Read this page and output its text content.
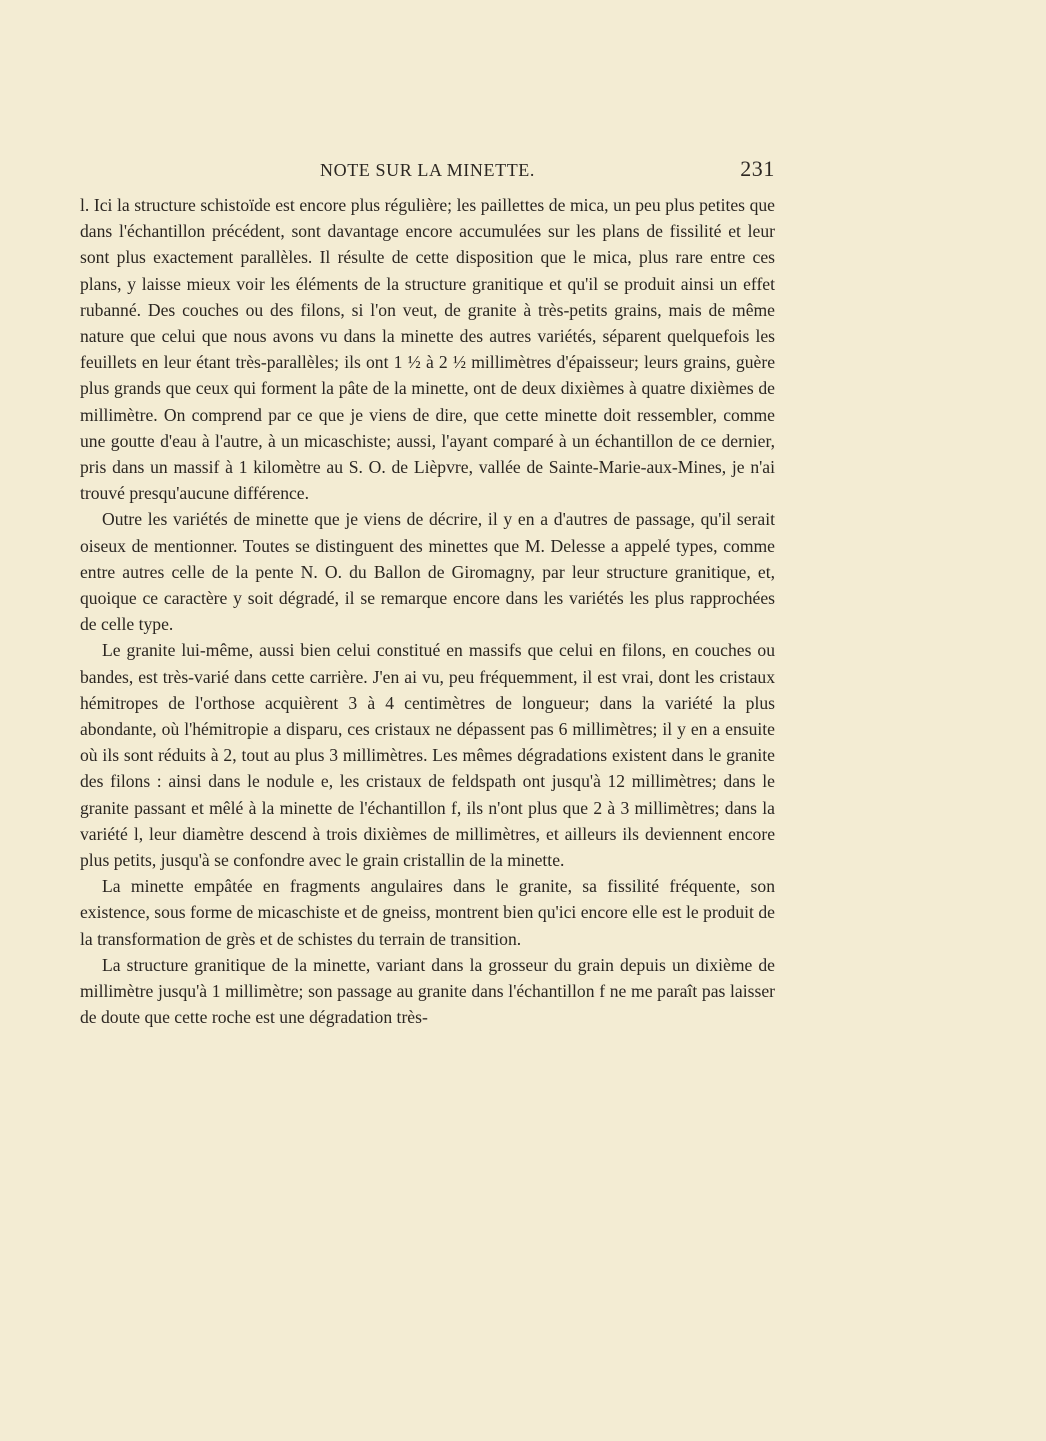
NOTE SUR LA MINETTE.	231

l. Ici la structure schistoïde est encore plus régulière; les paillettes de mica, un peu plus petites que dans l'échantillon précédent, sont davantage encore accumulées sur les plans de fissilité et leur sont plus exactement parallèles. Il résulte de cette disposition que le mica, plus rare entre ces plans, y laisse mieux voir les éléments de la structure granitique et qu'il se produit ainsi un effet rubanné. Des couches ou des filons, si l'on veut, de granite à très-petits grains, mais de même nature que celui que nous avons vu dans la minette des autres variétés, séparent quelquefois les feuillets en leur étant très-parallèles; ils ont 1 ½ à 2 ½ millimètres d'épaisseur; leurs grains, guère plus grands que ceux qui forment la pâte de la minette, ont de deux dixièmes à quatre dixièmes de millimètre. On comprend par ce que je viens de dire, que cette minette doit ressembler, comme une goutte d'eau à l'autre, à un micaschiste; aussi, l'ayant comparé à un échantillon de ce dernier, pris dans un massif à 1 kilomètre au S. O. de Lièpvre, vallée de Sainte-Marie-aux-Mines, je n'ai trouvé presqu'aucune différence.

Outre les variétés de minette que je viens de décrire, il y en a d'autres de passage, qu'il serait oiseux de mentionner. Toutes se distinguent des minettes que M. Delesse a appelé types, comme entre autres celle de la pente N. O. du Ballon de Giromagny, par leur structure granitique, et, quoique ce caractère y soit dégradé, il se remarque encore dans les variétés les plus rapprochées de celle type.

Le granite lui-même, aussi bien celui constitué en massifs que celui en filons, en couches ou bandes, est très-varié dans cette carrière. J'en ai vu, peu fréquemment, il est vrai, dont les cristaux hémitropes de l'orthose acquièrent 3 à 4 centimètres de longueur; dans la variété la plus abondante, où l'hémitropie a disparu, ces cristaux ne dépassent pas 6 millimètres; il y en a ensuite où ils sont réduits à 2, tout au plus 3 millimètres. Les mêmes dégradations existent dans le granite des filons : ainsi dans le nodule e, les cristaux de feldspath ont jusqu'à 12 millimètres; dans le granite passant et mêlé à la minette de l'échantillon f, ils n'ont plus que 2 à 3 millimètres; dans la variété l, leur diamètre descend à trois dixièmes de millimètres, et ailleurs ils deviennent encore plus petits, jusqu'à se confondre avec le grain cristallin de la minette.

La minette empâtée en fragments angulaires dans le granite, sa fissilité fréquente, son existence, sous forme de micaschiste et de gneiss, montrent bien qu'ici encore elle est le produit de la transformation de grès et de schistes du terrain de transition.

La structure granitique de la minette, variant dans la grosseur du grain depuis un dixième de millimètre jusqu'à 1 millimètre; son passage au granite dans l'échantillon f ne me paraît pas laisser de doute que cette roche est une dégradation très-
